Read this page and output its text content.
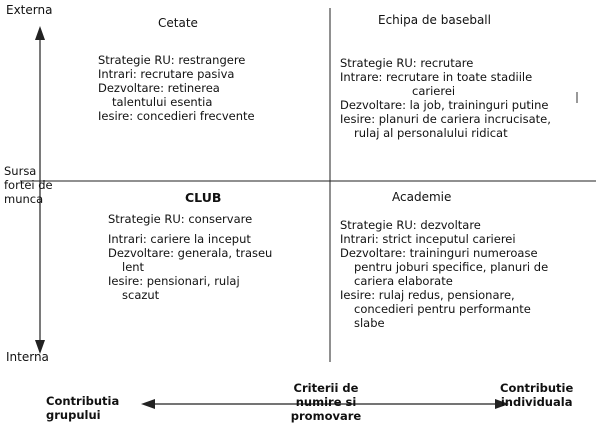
Externa
Sursa
fortei de
munca
Interna
Contributia
grupului
Criterii de
numire si
promovare
Contributie
individuala
Cetate
Strategie RU: restrangere
Intrari: recrutare pasiva
Dezvoltare: retinerea
talentului esentia
Iesire: concedieri frecvente
Echipa de baseball
Strategie RU: recrutare
Intrare: recrutare in toate stadiile
carierei
Dezvoltare: la job, traininguri putine
Iesire: planuri de cariera incrucisate,
rulaj al personalului ridicat
CLUB
Strategie RU: conservare
Intrari: cariere la inceput
Dezvoltare: generala, traseu
lent
Iesire: pensionari, rulaj
scazut
Academie
Strategie RU: dezvoltare
Intrari: strict inceputul carierei
Dezvoltare: traininguri numeroase
pentru joburi specifice, planuri de
cariera elaborate
Iesire: rulaj redus, pensionare,
concedieri pentru performante
slabe
